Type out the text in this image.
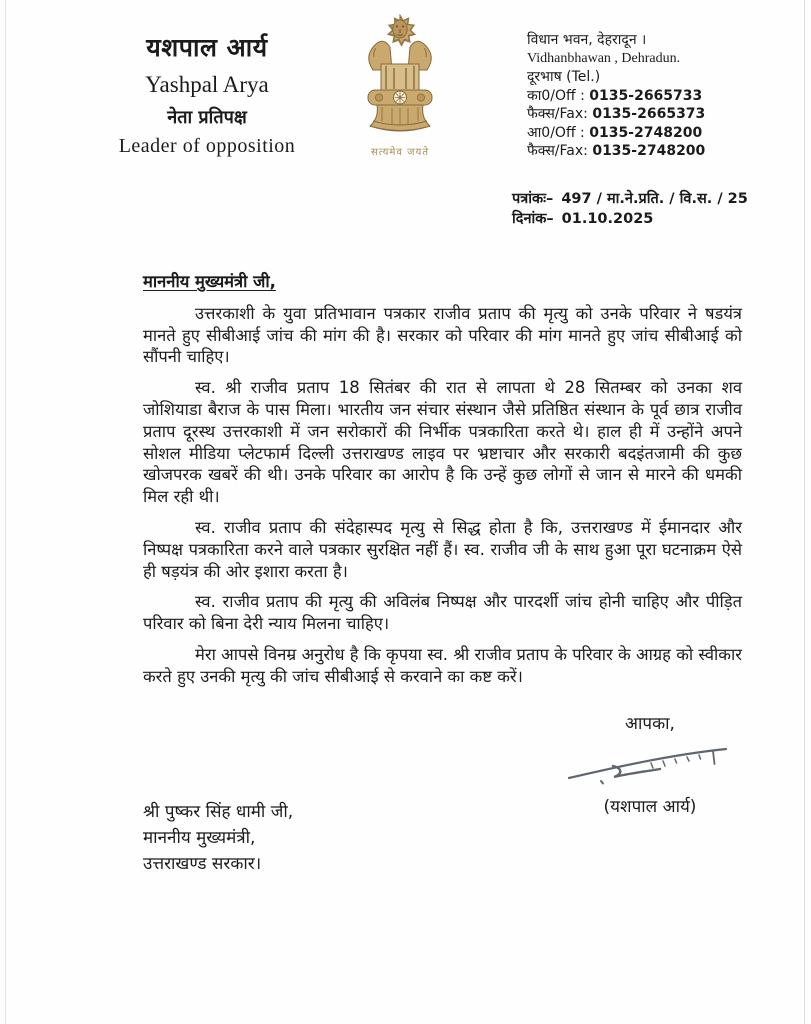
यशपाल आर्य
Yashpal Arya
नेता प्रतिपक्ष
Leader of opposition	सत्यमेव जयते
विधान भवन, देहरादून ।
Vidhanbhawan , Dehradun.
दूरभाष (Tel.)
का0/Off : 0135-2665733
फैक्स/Fax: 0135-2665373
आ0/Off : 0135-2748200
फैक्स/Fax: 0135-2748200
पत्रांकः– 497 / मा.ने.प्रति. / वि.स. / 25
दिनांक– 01.10.2025
माननीय मुख्यमंत्री जी,

उत्तरकाशी के युवा प्रतिभावान पत्रकार राजीव प्रताप की मृत्यु को उनके परिवार ने षडयंत्र मानते हुए सीबीआई जांच की मांग की है। सरकार को परिवार की मांग मानते हुए जांच सीबीआई को सौंपनी चाहिए।

स्व. श्री राजीव प्रताप 18 सितंबर की रात से लापता थे 28 सितम्बर को उनका शव जोशियाडा बैराज के पास मिला। भारतीय जन संचार संस्थान जैसे प्रतिष्ठित संस्थान के पूर्व छात्र राजीव प्रताप दूरस्थ उत्तरकाशी में जन सरोकारों की निर्भीक पत्रकारिता करते थे। हाल ही में उन्होंने अपने सोशल मीडिया प्लेटफार्म दिल्ली उत्तराखण्ड लाइव पर भ्रष्टाचार और सरकारी बदइंतजामी की कुछ खोजपरक खबरें की थी। उनके परिवार का आरोप है कि उन्हें कुछ लोगों से जान से मारने की धमकी मिल रही थी।

स्व. राजीव प्रताप की संदेहास्पद मृत्यु से सिद्ध होता है कि, उत्तराखण्ड में ईमानदार और निष्पक्ष पत्रकारिता करने वाले पत्रकार सुरक्षित नहीं हैं। स्व. राजीव जी के साथ हुआ पूरा घटनाक्रम ऐसे ही षड़यंत्र की ओर इशारा करता है।

स्व. राजीव प्रताप की मृत्यु की अविलंब निष्पक्ष और पारदर्शी जांच होनी चाहिए और पीड़ित परिवार को बिना देरी न्याय मिलना चाहिए।

मेरा आपसे विनम्र अनुरोध है कि कृपया स्व. श्री राजीव प्रताप के परिवार के आग्रह को स्वीकार करते हुए उनकी मृत्यु की जांच सीबीआई से करवाने का कष्ट करें।

आपका,
(यशपाल आर्य)
श्री पुष्कर सिंह धामी जी,
माननीय मुख्यमंत्री,
उत्तराखण्ड सरकार।
